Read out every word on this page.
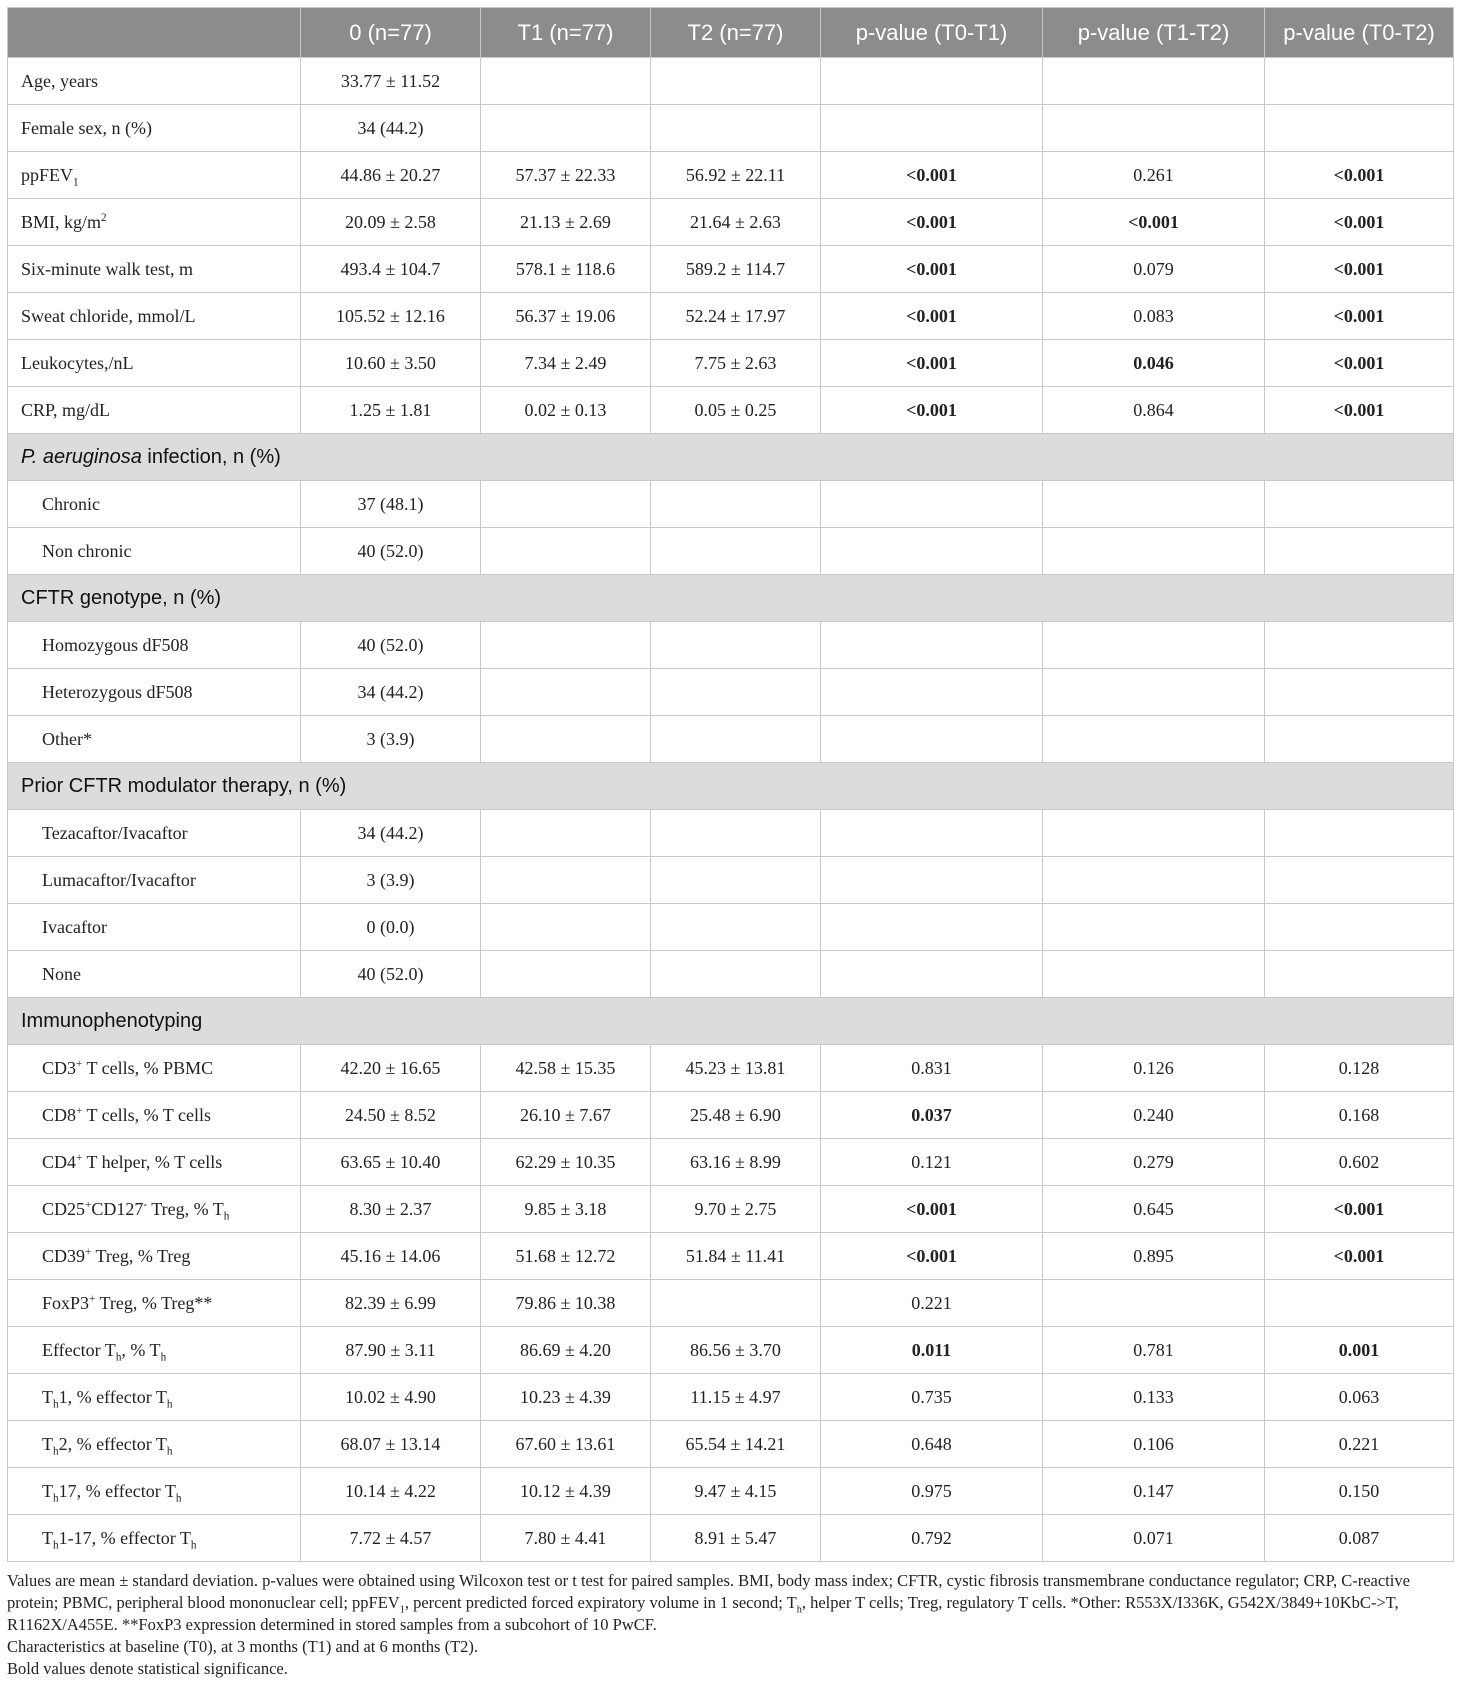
	0 (n=77)	T1 (n=77)	T2 (n=77)	p-value (T0-T1)	p-value (T1-T2)	p-value (T0-T2)
Age, years	33.77 ± 11.52					
Female sex, n (%)	34 (44.2)					
ppFEV$_1$	44.86 ± 20.27	57.37 ± 22.33	56.92 ± 22.11	<0.001	0.261	<0.001
BMI, $kg/m^2$	20.09 ± 2.58	21.13 ± 2.69	21.64 ± 2.63	<0.001	<0.001	<0.001
Six-minute walk test, m	493.4 ± 104.7	578.1 ± 118.6	589.2 ± 114.7	<0.001	0.079	<0.001
Sweat chloride, mmol/L	105.52 ± 12.16	56.37 ± 19.06	52.24 ± 17.97	<0.001	0.083	<0.001
Leukocytes,/nL	10.60 ± 3.50	7.34 ± 2.49	7.75 ± 2.63	<0.001	0.046	<0.001
CRP, mg/dL	1.25 ± 1.81	0.02 ± 0.13	0.05 ± 0.25	<0.001	0.864	<0.001
P. aeruginosa infection, n (%)						
Chronic	37 (48.1)					
Non chronic	40 (52.0)					
CFTR genotype, n (%)						
Homozygous dF508	40 (52.0)					
Heterozygous dF508	34 (44.2)					
Other*	3 (3.9)					
Prior CFTR modulator therapy, n (%)						
Tezacaftor/Ivacaftor	34 (44.2)					
Lumacaftor/Ivacaftor	3 (3.9)					
Ivacaftor	0 (0.0)					
None	40 (52.0)					
Immunophenotyping						
CD3+ T cells, % PBMC	42.20 ± 16.65	42.58 ± 15.35	45.23 ± 13.81	0.831	0.126	0.128
CD8+ T cells, % T cells	24.50 ± 8.52	26.10 ± 7.67	25.48 ± 6.90	0.037	0.240	0.168
CD4+ T helper, % T cells	63.65 ± 10.40	62.29 ± 10.35	63.16 ± 8.99	0.121	0.279	0.602
CD25+CD127- Treg, % $T_h$	8.30 ± 2.37	9.85 ± 3.18	9.70 ± 2.75	<0.001	0.645	<0.001
CD39+ Treg, % Treg	45.16 ± 14.06	51.68 ± 12.72	51.84 ± 11.41	<0.001	0.895	<0.001
FoxP3+ Treg, % Treg**	82.39 ± 6.99	79.86 ± 10.38		0.221		
Effector $T_h$, % $T_h$	87.90 ± 3.11	86.69 ± 4.20	86.56 ± 3.70	0.011	0.781	0.001
$T_h1$, % effector $T_h$	10.02 ± 4.90	10.23 ± 4.39	11.15 ± 4.97	0.735	0.133	0.063
$T_h2$, % effector $T_h$	68.07 ± 13.14	67.60 ± 13.61	65.54 ± 14.21	0.648	0.106	0.221
$T_h17$, % effector $T_h$	10.14 ± 4.22	10.12 ± 4.39	9.47 ± 4.15	0.975	0.147	0.150
$T_h1-17$, % effector $T_h$	7.72 ± 4.57	7.80 ± 4.41	8.91 ± 5.47	0.792	0.071	0.087

Values are mean ± standard deviation. p-values were obtained using Wilcoxon test or t test for paired samples. BMI, body mass index; CFTR, cystic fibrosis transmembrane conductance regulator; CRP, C-reactive protein; PBMC, peripheral blood mononuclear cell; ppFEV$_1$, percent predicted forced expiratory volume in 1 second; $T_h$, helper T cells; Treg, regulatory T cells. *Other: R553X/I336K, G542X/3849+10KbC->T, R1162X/A455E. **FoxP3 expression determined in stored samples from a subcohort of 10 PwCF.

Characteristics at baseline (T0), at 3 months (T1) and at 6 months (T2).

Bold values denote statistical significance.
